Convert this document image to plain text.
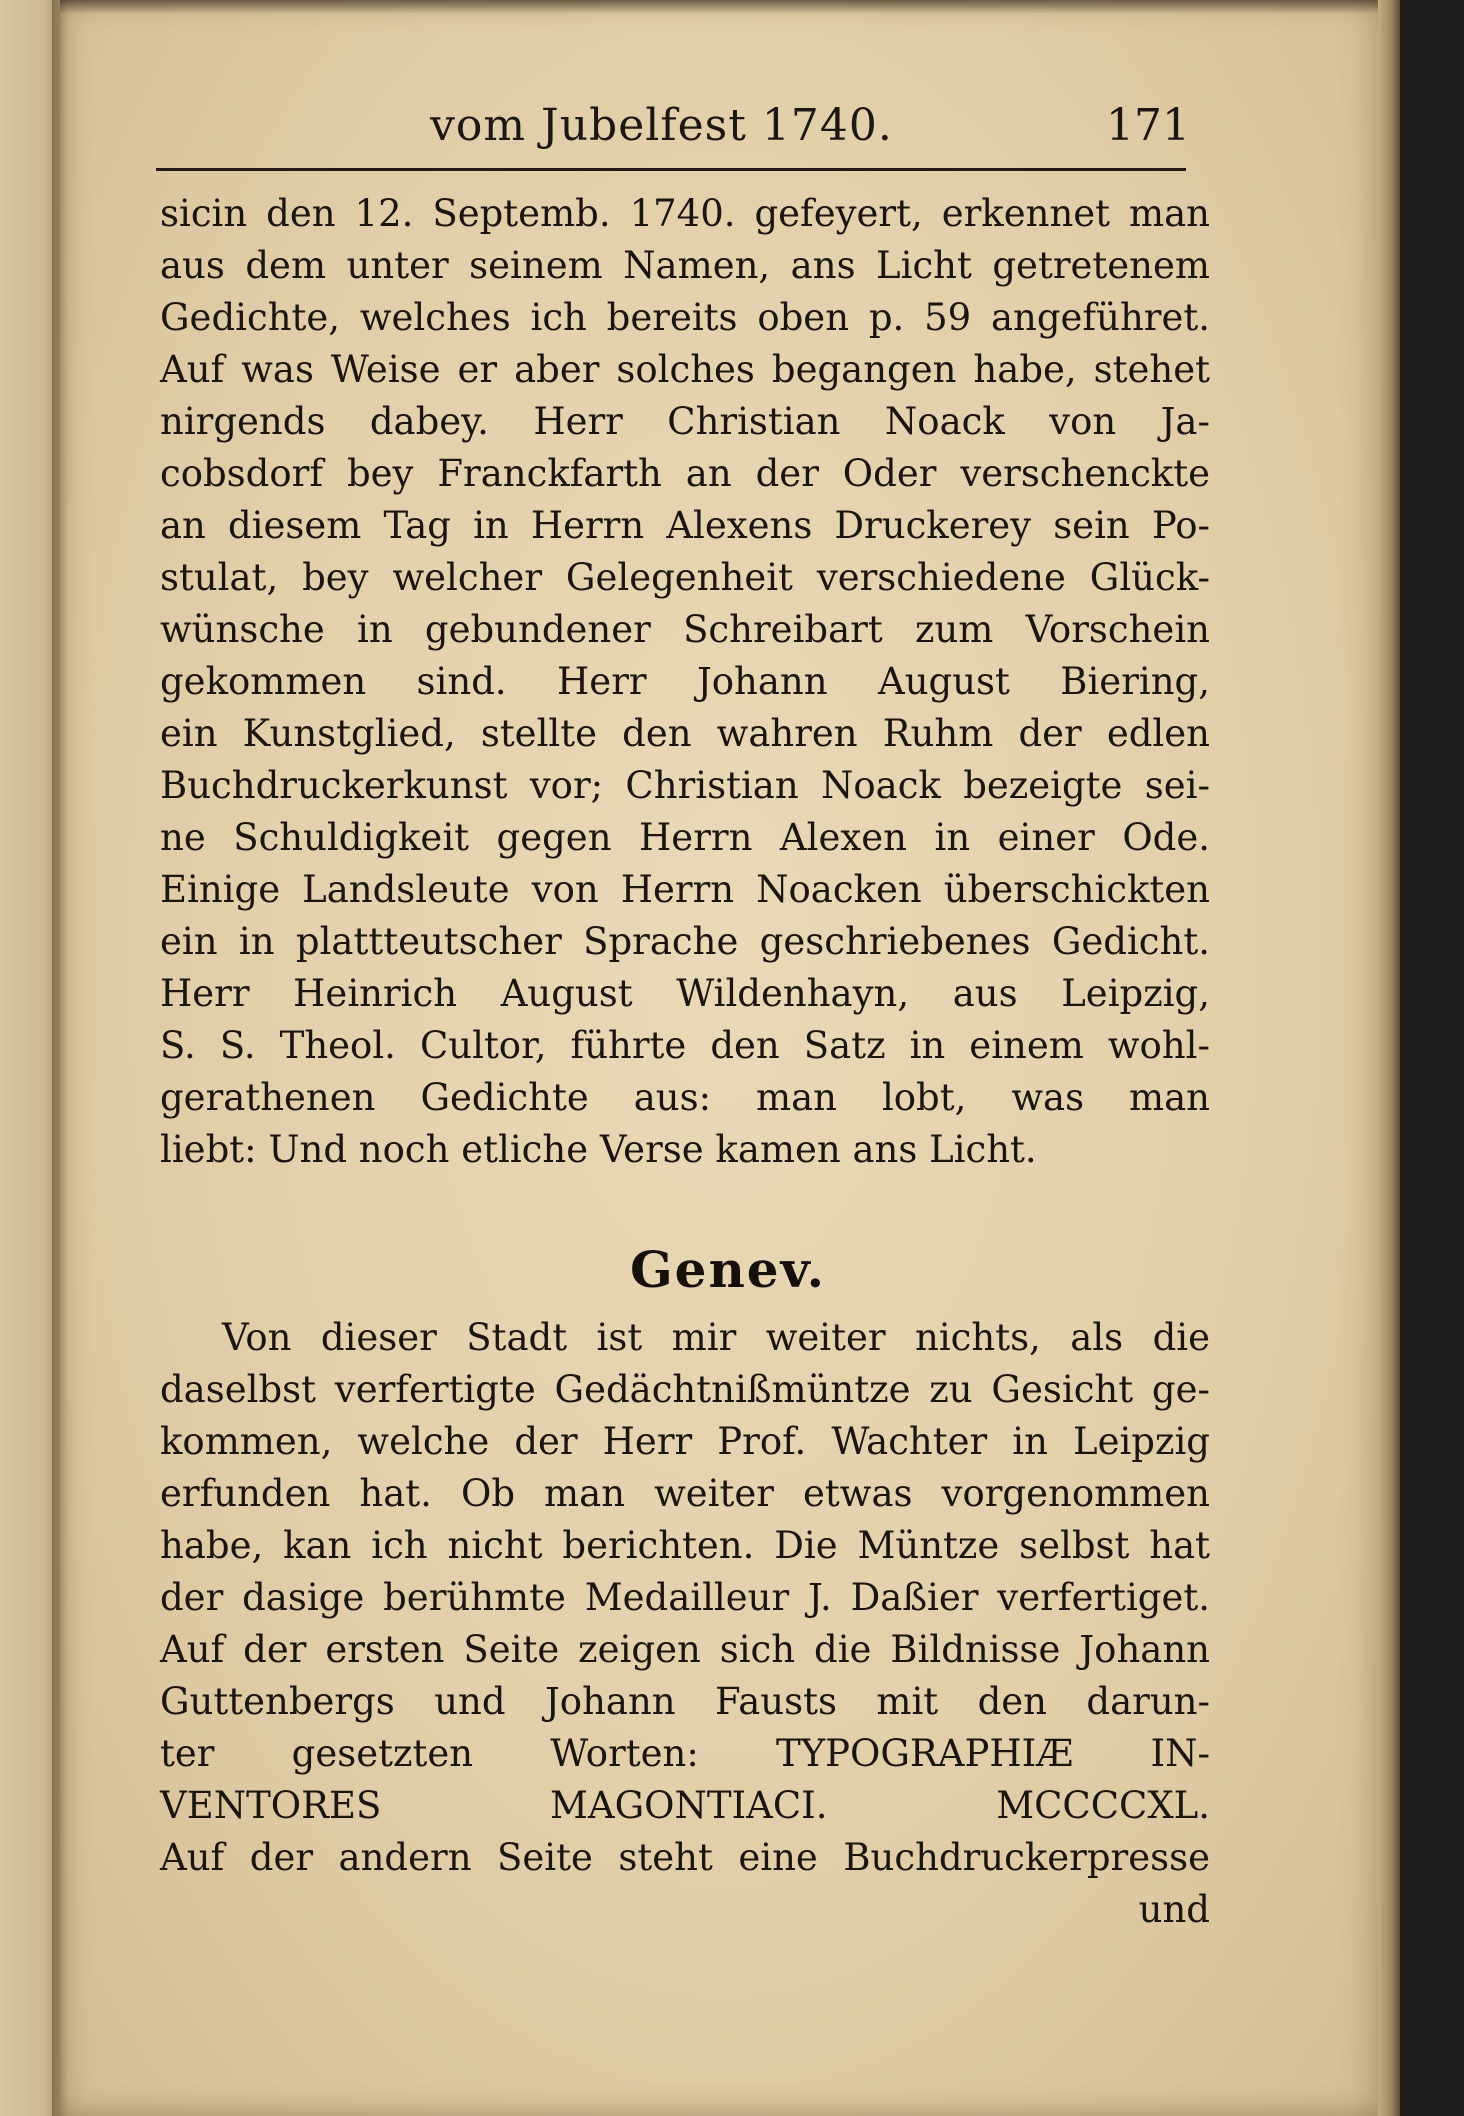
vom Jubelfest 1740.	171
sicin den 12. Septemb. 1740. gefeyert, erkennet man
aus dem unter seinem Namen, ans Licht getretenem
Gedichte, welches ich bereits oben p. 59 angeführet.
Auf was Weise er aber solches begangen habe, stehet
nirgends dabey. Herr Christian Noack von Ja-
cobsdorf bey Franckfarth an der Oder verschenckte
an diesem Tag in Herrn Alexens Druckerey sein Po-
stulat, bey welcher Gelegenheit verschiedene Glück-
wünsche in gebundener Schreibart zum Vorschein
gekommen sind. Herr Johann August Biering,
ein Kunstglied, stellte den wahren Ruhm der edlen
Buchdruckerkunst vor; Christian Noack bezeigte sei-
ne Schuldigkeit gegen Herrn Alexen in einer Ode.
Einige Landsleute von Herrn Noacken überschickten
ein in plattteutscher Sprache geschriebenes Gedicht.
Herr Heinrich August Wildenhayn, aus Leipzig,
S. S. Theol. Cultor, führte den Satz in einem wohl-
gerathenen Gedichte aus: man lobt, was man
liebt: Und noch etliche Verse kamen ans Licht.
Genev.
Von dieser Stadt ist mir weiter nichts, als die
daselbst verfertigte Gedächtnißmüntze zu Gesicht ge-
kommen, welche der Herr Prof. Wachter in Leipzig
erfunden hat. Ob man weiter etwas vorgenommen
habe, kan ich nicht berichten. Die Müntze selbst hat
der dasige berühmte Medailleur J. Daßier verfertiget.
Auf der ersten Seite zeigen sich die Bildnisse Johann
Guttenbergs und Johann Fausts mit den darun-
ter gesetzten Worten: TYPOGRAPHIÆ IN-
VENTORES MAGONTIACI. MCCCCXL.
Auf der andern Seite steht eine Buchdruckerpresse
und
